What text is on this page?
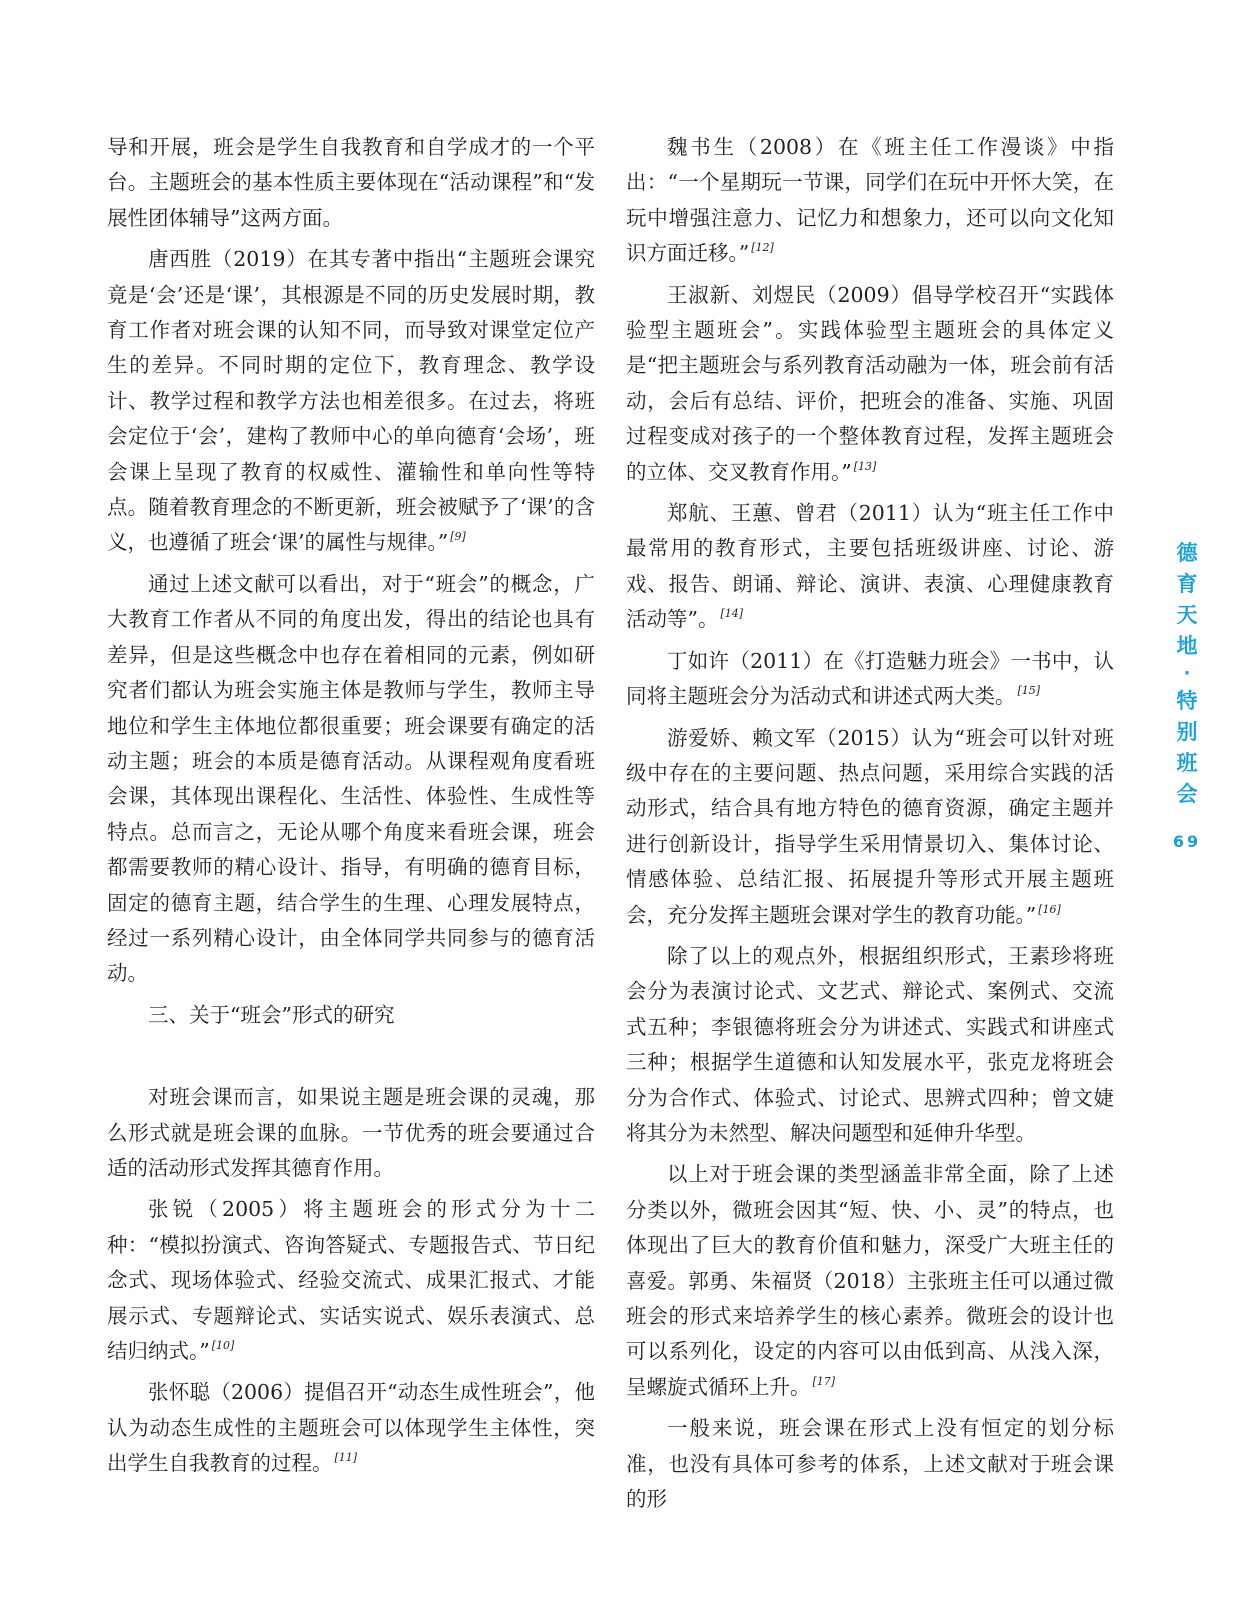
导和开展，班会是学生自我教育和自学成才的一个平台。主题班会的基本性质主要体现在“活动课程”和“发展性团体辅导”这两方面。

唐西胜（2019）在其专著中指出“主题班会课究竟是‘会’还是‘课’，其根源是不同的历史发展时期，教育工作者对班会课的认知不同，而导致对课堂定位产生的差异。不同时期的定位下，教育理念、教学设计、教学过程和教学方法也相差很多。在过去，将班会定位于‘会’，建构了教师中心的单向德育‘会场’，班会课上呈现了教育的权威性、灌输性和单向性等特点。随着教育理念的不断更新，班会被赋予了‘课’的含义，也遵循了班会‘课’的属性与规律。” [9]

通过上述文献可以看出，对于“班会”的概念，广大教育工作者从不同的角度出发，得出的结论也具有差异，但是这些概念中也存在着相同的元素，例如研究者们都认为班会实施主体是教师与学生，教师主导地位和学生主体地位都很重要；班会课要有确定的活动主题；班会的本质是德育活动。从课程观角度看班会课，其体现出课程化、生活性、体验性、生成性等特点。总而言之，无论从哪个角度来看班会课，班会都需要教师的精心设计、指导，有明确的德育目标，固定的德育主题，结合学生的生理、心理发展特点，经过一系列精心设计，由全体同学共同参与的德育活动。

三、关于“班会”形式的研究

对班会课而言，如果说主题是班会课的灵魂，那么形式就是班会课的血脉。一节优秀的班会要通过合适的活动形式发挥其德育作用。

张锐（2005）将主题班会的形式分为十二种：“模拟扮演式、咨询答疑式、专题报告式、节日纪念式、现场体验式、经验交流式、成果汇报式、才能展示式、专题辩论式、实话实说式、娱乐表演式、总结归纳式。” [10]

张怀聪（2006）提倡召开“动态生成性班会”，他认为动态生成性的主题班会可以体现学生主体性，突出学生自我教育的过程。 [11]

魏书生（2008）在《班主任工作漫谈》中指出：“一个星期玩一节课，同学们在玩中开怀大笑，在玩中增强注意力、记忆力和想象力，还可以向文化知识方面迁移。” [12]

王淑新、刘煜民（2009）倡导学校召开“实践体验型主题班会”。实践体验型主题班会的具体定义是“把主题班会与系列教育活动融为一体，班会前有活动，会后有总结、评价，把班会的准备、实施、巩固过程变成对孩子的一个整体教育过程，发挥主题班会的立体、交叉教育作用。” [13]

郑航、王蕙、曾君（2011）认为“班主任工作中最常用的教育形式，主要包括班级讲座、讨论、游戏、报告、朗诵、辩论、演讲、表演、心理健康教育活动等”。 [14]

丁如许（2011）在《打造魅力班会》一书中，认同将主题班会分为活动式和讲述式两大类。 [15]

游爱娇、赖文军（2015）认为“班会可以针对班级中存在的主要问题、热点问题，采用综合实践的活动形式，结合具有地方特色的德育资源，确定主题并进行创新设计，指导学生采用情景切入、集体讨论、情感体验、总结汇报、拓展提升等形式开展主题班会，充分发挥主题班会课对学生的教育功能。” [16]

除了以上的观点外，根据组织形式，王素珍将班会分为表演讨论式、文艺式、辩论式、案例式、交流式五种；李银德将班会分为讲述式、实践式和讲座式三种；根据学生道德和认知发展水平，张克龙将班会分为合作式、体验式、讨论式、思辨式四种；曾文婕将其分为未然型、解决问题型和延伸升华型。

以上对于班会课的类型涵盖非常全面，除了上述分类以外，微班会因其“短、快、小、灵”的特点，也体现出了巨大的教育价值和魅力，深受广大班主任的喜爱。郭勇、朱福贤（2018）主张班主任可以通过微班会的形式来培养学生的核心素养。微班会的设计也可以系列化，设定的内容可以由低到高、从浅入深，呈螺旋式循环上升。 [17]

一般来说，班会课在形式上没有恒定的划分标准，也没有具体可参考的体系，上述文献对于班会课的形

德
育
天
地
·
特
别
班
会
69
